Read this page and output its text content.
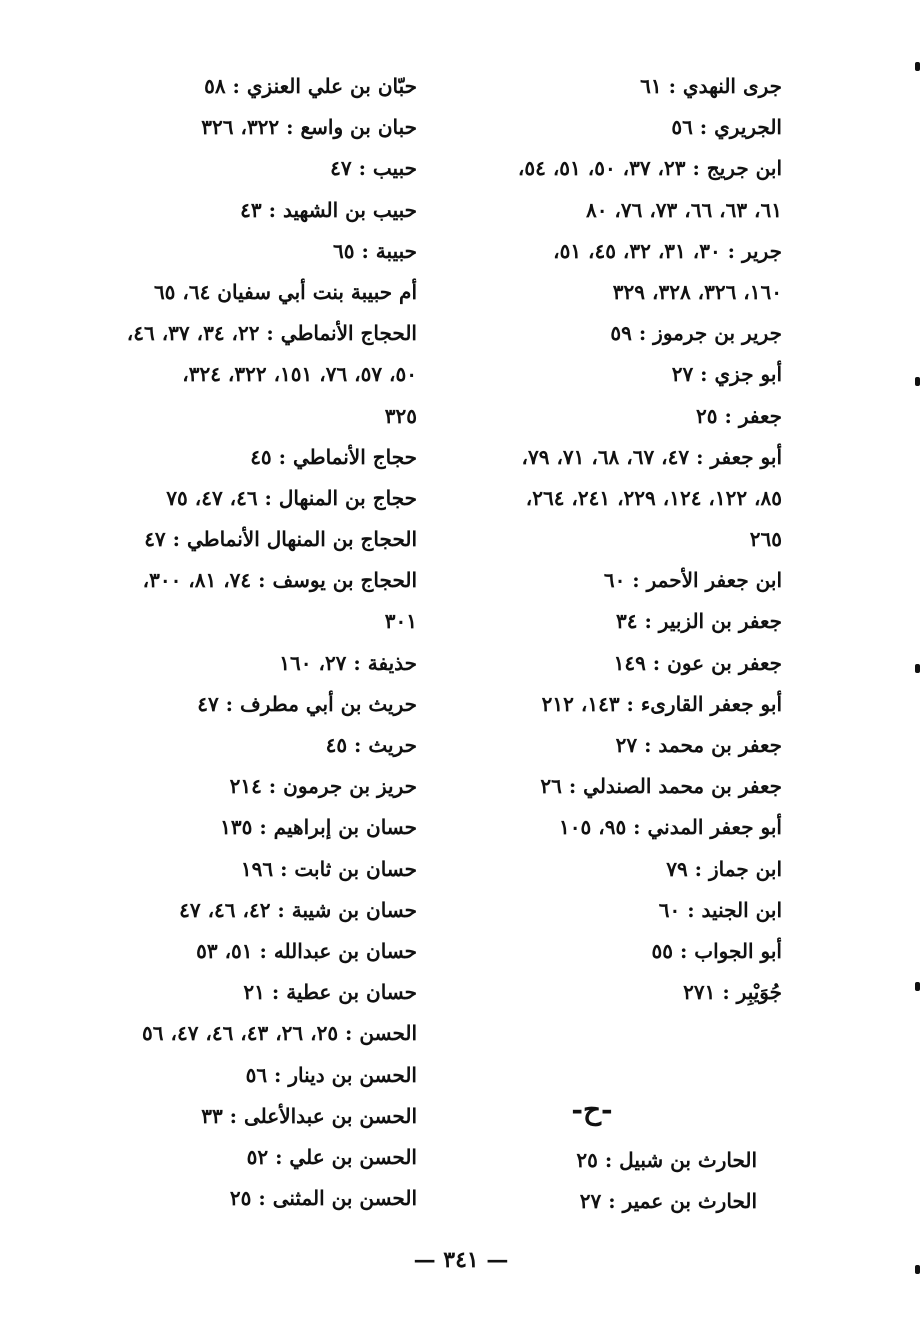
جرى النهدي : ٦١
الجريري : ٥٦
ابن جريج : ٢٣، ٣٧، ٥٠، ٥١، ٥٤،
٦١، ٦٣، ٦٦، ٧٣، ٧٦، ٨٠
جرير : ٣٠، ٣١، ٣٢، ٤٥، ٥١،
١٦٠، ٣٢٦، ٣٢٨، ٣٢٩
جرير بن جرموز : ٥٩
أبو جزي : ٢٧
جعفر : ٢٥
أبو جعفر : ٤٧، ٦٧، ٦٨، ٧١، ٧٩،
٨٥، ١٢٢، ١٢٤، ٢٢٩، ٢٤١، ٢٦٤،
٢٦٥
ابن جعفر الأحمر : ٦٠
جعفر بن الزبير : ٣٤
جعفر بن عون : ١٤٩
أبو جعفر القارىء : ١٤٣، ٢١٢
جعفر بن محمد : ٢٧
جعفر بن محمد الصندلي : ٢٦
أبو جعفر المدني : ٩٥، ١٠٥
ابن جماز : ٧٩
ابن الجنيد : ٦٠
أبو الجواب : ٥٥
جُوَيْبِر : ٢٧١
-ح-
الحارث بن شبيل : ٢٥
الحارث بن عمير : ٢٧
حبّان بن علي العنزي : ٥٨
حبان بن واسع : ٣٢٢، ٣٢٦
حبيب : ٤٧
حبيب بن الشهيد : ٤٣
حبيبة : ٦٥
أم حبيبة بنت أبي سفيان ٦٤، ٦٥
الحجاج الأنماطي : ٢٢، ٣٤، ٣٧، ٤٦،
٥٠، ٥٧، ٧٦، ١٥١، ٣٢٢، ٣٢٤،
٣٢٥
حجاج الأنماطي : ٤٥
حجاج بن المنهال : ٤٦، ٤٧، ٧٥
الحجاج بن المنهال الأنماطي : ٤٧
الحجاج بن يوسف : ٧٤، ٨١، ٣٠٠،
٣٠١
حذيفة : ٢٧، ١٦٠
حريث بن أبي مطرف : ٤٧
حريث : ٤٥
حريز بن جرمون : ٢١٤
حسان بن إبراهيم : ١٣٥
حسان بن ثابت : ١٩٦
حسان بن شيبة : ٤٢، ٤٦، ٤٧
حسان بن عبدالله : ٥١، ٥٣
حسان بن عطية : ٢١
الحسن : ٢٥، ٢٦، ٤٣، ٤٦، ٤٧، ٥٦
الحسن بن دينار : ٥٦
الحسن بن عبدالأعلى : ٣٣
الحسن بن علي : ٥٢
الحسن بن المثنى : ٢٥
— ٣٤١ —
